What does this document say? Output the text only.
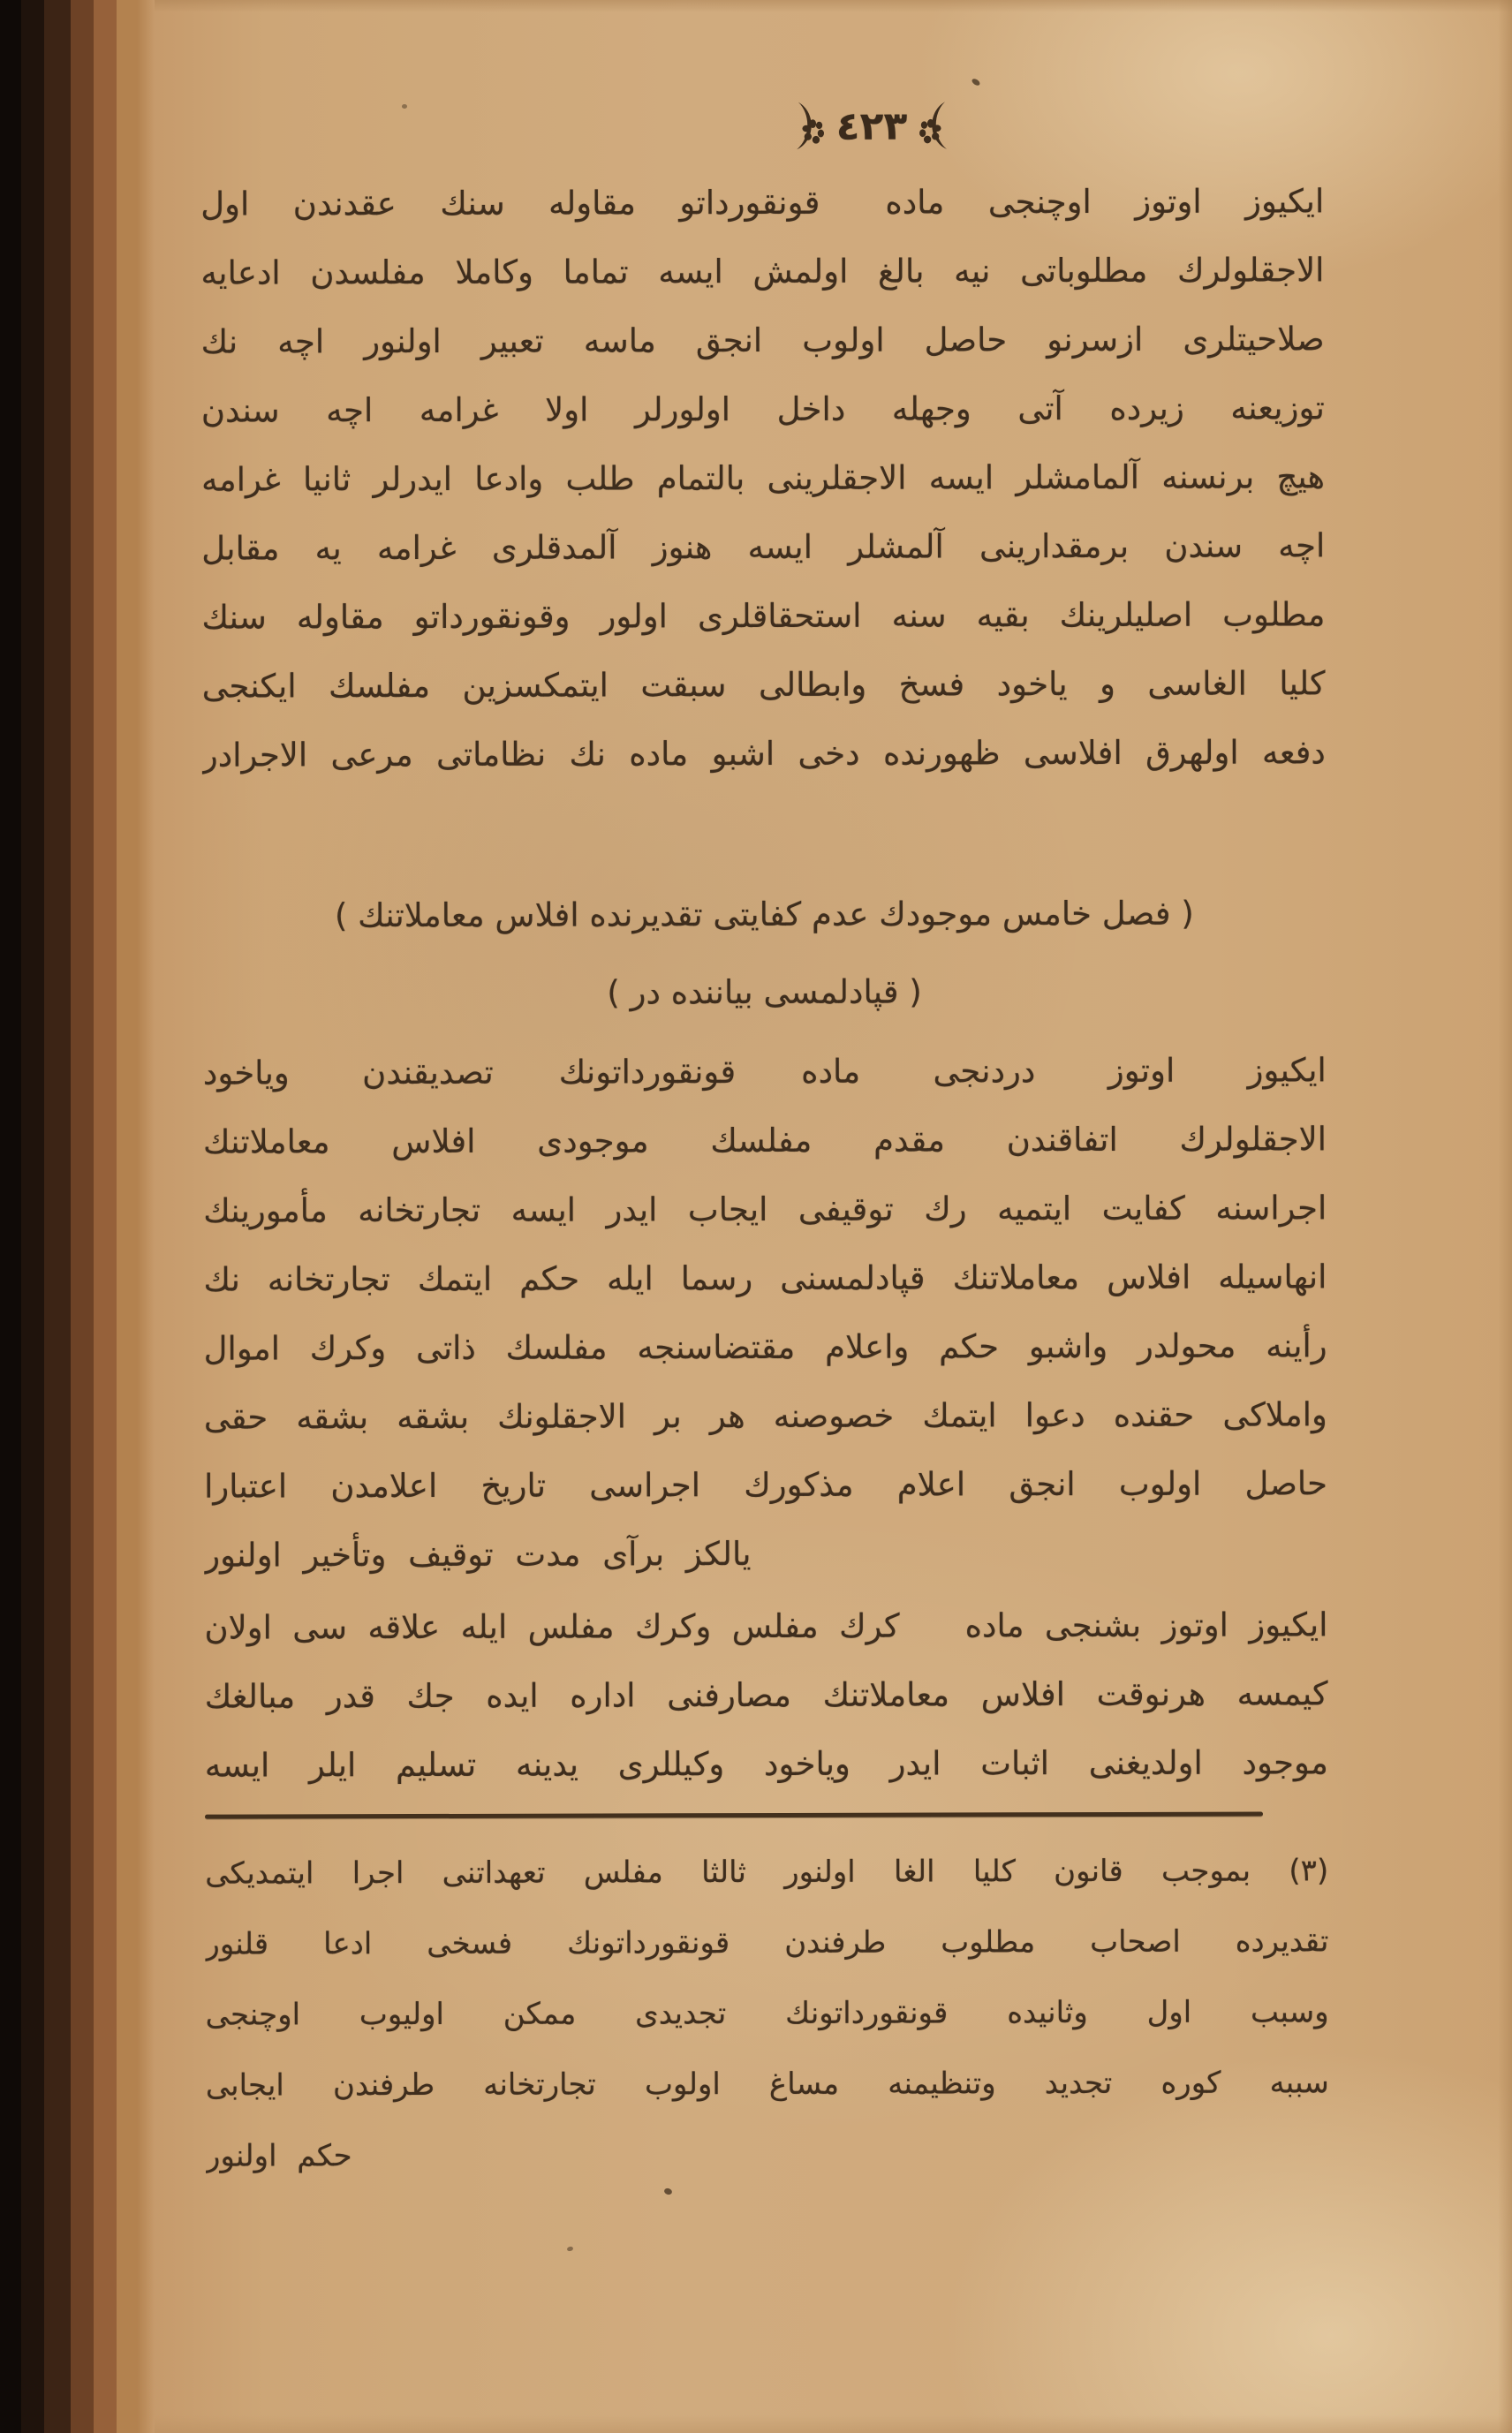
٤٢٣
ايكيوز اوتوز اوچنجى ماده  قونقورداتو مقاوله سنك عقدندن اول
الاجقلولرك مطلوباتى نيه بالغ اولمش ايسه تماما وكاملا مفلسدن ادعايه
صلاحيتلرى ازسرنو حاصل اولوب انجق ماسه تعبير اولنور اچه نك
توزيعنه زيرده آتى وجهله داخل اولورلر اولا غرامه اچه سندن
هيچ برنسنه آلمامشلر ايسه الاجقلرينى بالتمام طلب وادعا ايدرلر ثانيا غرامه
اچه سندن برمقدارينى آلمشلر ايسه هنوز آلمدقلرى غرامه يه مقابل
مطلوب اصليلرينك بقيه سنه استحقاقلرى اولور وقونقورداتو مقاوله سنك
كليا الغاسى و ياخود فسخ وابطالى سبقت ايتمكسزين مفلسك ايكنجى
دفعه اولهرق افلاسى ظهورنده دخى اشبو ماده نك نظاماتى مرعى الاجرادر
( فصل خامس موجودك عدم كفايتى تقديرنده افلاس معاملاتنك )
( قپادلمسى بياننده در )
ايكيوز اوتوز دردنجى ماده  قونقورداتونك  تصديقندن وياخود
الاجقلولرك اتفاقندن مقدم مفلسك موجودى افلاس معاملاتنك
اجراسنه كفايت ايتميه رك توقيفى ايجاب ايدر ايسه تجارتخانه مأمورينك
انهاسيله افلاس معاملاتنك قپادلمسنى رسما ايله حكم ايتمك تجارتخانه نك
رأينه محولدر واشبو حكم واعلام مقتضاسنجه مفلسك ذاتى وكرك اموال
واملاكى حقنده دعوا ايتمك خصوصنه هر بر الاجقلونك بشقه بشقه حقى
حاصل اولوب انجق اعلام مذكورك اجراسى تاريخ اعلامدن اعتبارا
يالكز برآى مدت توقيف وتأخير اولنور
ايكيوز اوتوز بشنجى ماده  كرك مفلس وكرك مفلس ايله علاقه سى اولان
كيمسه هرنوقت افلاس معاملاتنك مصارفنى اداره ايده جك قدر مبالغك
موجود اولديغنى اثبات ايدر وياخود وكيللرى يدينه تسليم ايلر ايسه
(٣) بموجب قانون كليا الغا اولنور ثالثا مفلس تعهداتنى اجرا ايتمديكى
تقديرده اصحاب مطلوب طرفندن قونقورداتونك فسخى ادعا قلنور
وسبب اول وثانيده قونقورداتونك تجديدى ممكن اوليوب اوچنجى
سببه كوره تجديد وتنظيمنه مساغ اولوب تجارتخانه طرفندن ايجابى
حكم اولنور
